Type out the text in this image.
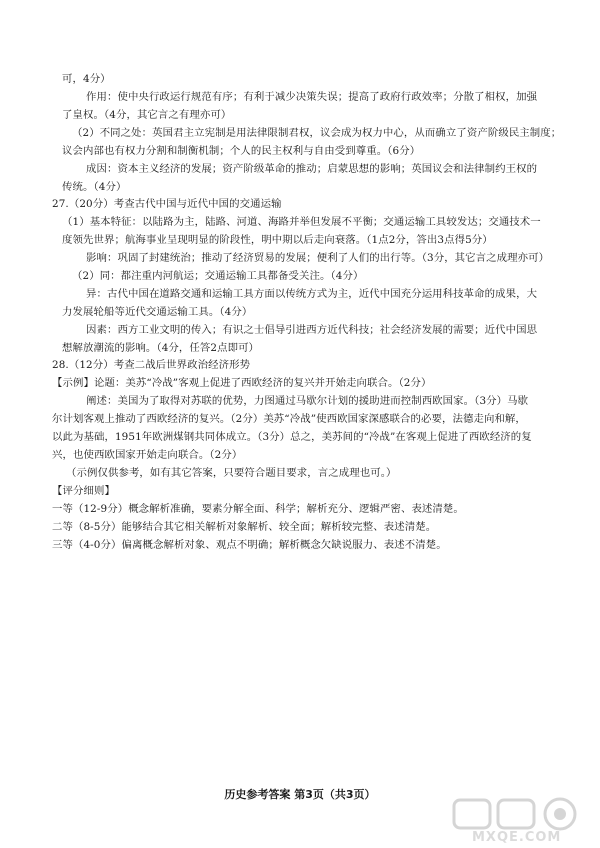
可，4分）
作用：使中央行政运行规范有序；有利于减少决策失误；提高了政府行政效率；分散了相权，加强
了皇权。（4分，其它言之有理亦可）
（2）不同之处：英国君主立宪制是用法律限制君权，议会成为权力中心，从而确立了资产阶级民主制度；
议会内部也有权力分割和制衡机制；个人的民主权利与自由受到尊重。（6分）
成因：资本主义经济的发展；资产阶级革命的推动；启蒙思想的影响；英国议会和法律制约王权的
传统。（4分）
27.（20分）考查古代中国与近代中国的交通运输
（1）基本特征：以陆路为主，陆路、河道、海路并举但发展不平衡；交通运输工具较发达；交通技术一
度领先世界；航海事业呈现明显的阶段性，明中期以后走向衰落。（1点2分，答出3点得5分）
影响：巩固了封建统治；推动了经济贸易的发展；便利了人们的出行等。（3分，其它言之成理亦可）
（2）同：都注重内河航运；交通运输工具都备受关注。（4分）
异：古代中国在道路交通和运输工具方面以传统方式为主，近代中国充分运用科技革命的成果，大
力发展轮船等近代交通运输工具。（4分）
因素：西方工业文明的传入；有识之士倡导引进西方近代科技；社会经济发展的需要；近代中国思
想解放潮流的影响。（4分，任答2点即可）
28.（12分）考查二战后世界政治经济形势
【示例】论题：美苏“冷战”客观上促进了西欧经济的复兴并开始走向联合。（2分）
阐述：美国为了取得对苏联的优势，力图通过马歇尔计划的援助进而控制西欧国家。（3分）马歇
尔计划客观上推动了西欧经济的复兴。（2分）美苏“冷战”使西欧国家深感联合的必要，法德走向和解，
以此为基础，1951年欧洲煤钢共同体成立。（3分）总之，美苏间的“冷战”在客观上促进了西欧经济的复
兴，也使西欧国家开始走向联合。（2分）
（示例仅供参考，如有其它答案，只要符合题目要求，言之成理也可。）
【评分细则】
一等（12-9分）概念解析准确，要素分解全面、科学；解析充分、逻辑严密、表述清楚。
二等（8-5分）能够结合其它相关解析对象解析、较全面；解析较完整、表述清楚。
三等（4-0分）偏离概念解析对象、观点不明确；解析概念欠缺说服力、表述不清楚。
历史参考答案 第3页（共3页）
MXQE.COM
